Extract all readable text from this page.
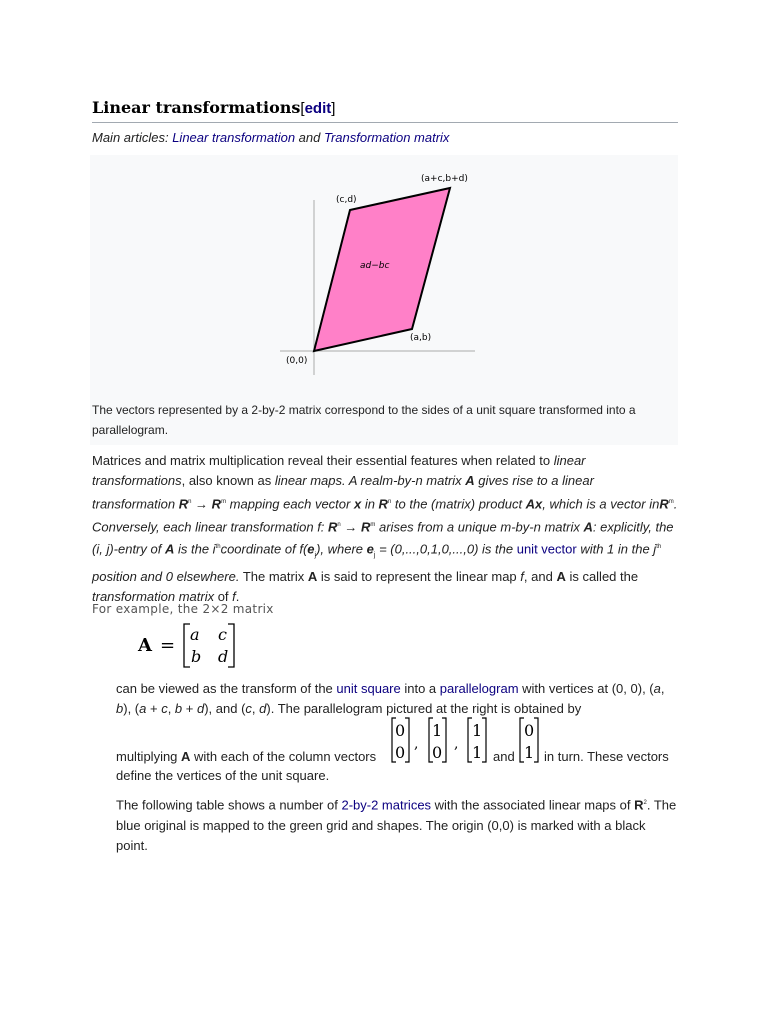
Linear transformations[edit]
Main articles: Linear transformation and Transformation matrix
(a+c,b+d)
(c,d)
ad−bc
(a,b)
(0,0)
The vectors represented by a 2-by-2 matrix correspond to the sides of a unit square transformed into a parallelogram.
Matrices and matrix multiplication reveal their essential features when related to linear transformations, also known as linear maps. A realm-by-n matrix A gives rise to a linear transformation $R^n \to R^m$ mapping each vector x in $R^n$ to the (matrix) product Ax, which is a vector inR$^m$. Conversely, each linear transformation f: $R^n \to R^m$ arises from a unique m-by-n matrix A: explicitly, the (i, j)-entry of A is the $i^{th}coordinate$ of $f(e_j)$, where $e_j = (0,...,0,1,0,...,0)$ is the unit vector with 1 in the $j^{th}$ position and 0 elsewhere. The matrix A is said to represent the linear map f, and A is called the transformation matrix of f.
For example, the 2×2 matrix
A =
a c
b d
can be viewed as the transform of the unit square into a parallelogram with vertices at (0, 0), (a, b), (a + c, b + d), and (c, d). The parallelogram pictured at the right is obtained by
multiplying A with each of the column vectors
0
0 ,
1
0 ,
1
1 and
0
1 in turn. These vectors
define the vertices of the unit square.
The following table shows a number of 2-by-2 matrices with the associated linear maps of $R^2$. The blue original is mapped to the green grid and shapes. The origin (0,0) is marked with a black point.
